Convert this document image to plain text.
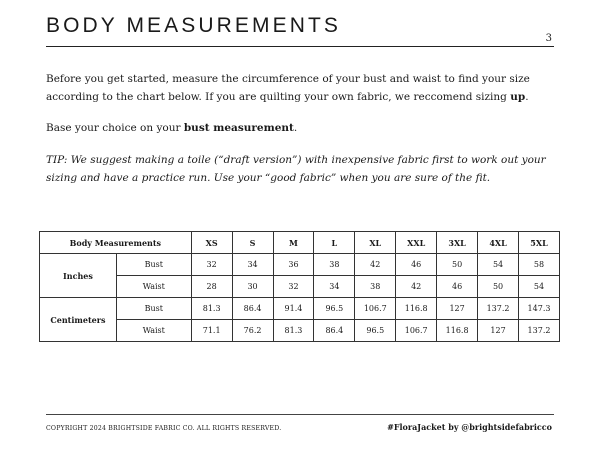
BODY MEASUREMENTS
3

Before you get started, measure the circumference of your bust and waist to find your size according to the chart below. If you are quilting your own fabric, we reccomend sizing up.

Base your choice on your bust measurement.

TIP: We suggest making a toile (“draft version”) with inexpensive fabric first to work out your sizing and have a practice run. Use your “good fabric” when you are sure of the fit.

Body Measurements		XS	S	M	L	XL	XXL	3XL	4XL	5XL
Inches	Bust	32	34	36	38	42	46	50	54	58
	Waist	28	30	32	34	38	42	46	50	54
Centimeters	Bust	81.3	86.4	91.4	96.5	106.7	116.8	127	137.2	147.3
	Waist	71.1	76.2	81.3	86.4	96.5	106.7	116.8	127	137.2
COPYRIGHT 2024 BRIGHTSIDE FABRIC CO. ALL RIGHTS RESERVED.	#FloraJacket by @brightsidefabricco
